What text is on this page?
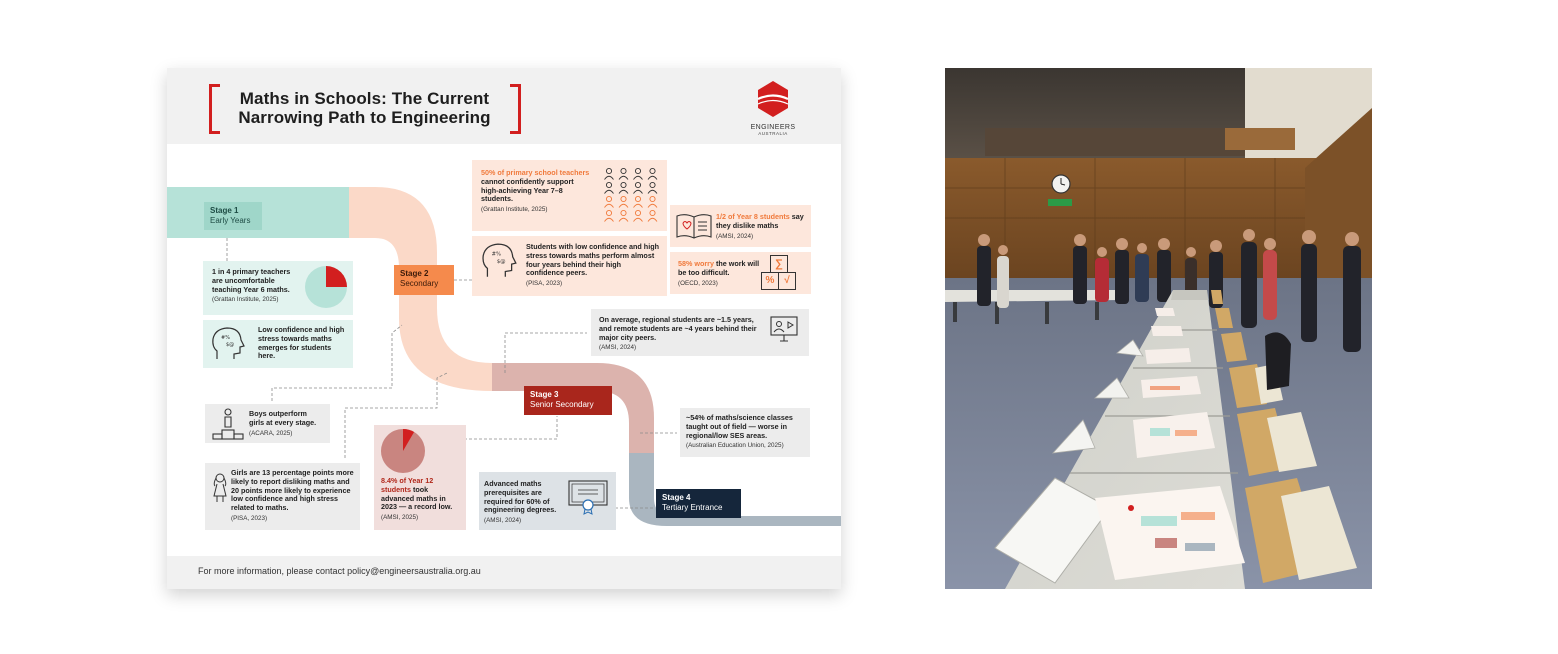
Maths in Schools: The Current Narrowing Path to Engineering
ENGINEERS
AUSTRALIA
Stage 1
Early Years
Stage 2
Secondary
Stage 3
Senior Secondary
Stage 4
Tertiary Entrance
1 in 4 primary teachers are uncomfortable teaching Year 6 maths.
(Grattan Institute, 2025)
Low confidence and high stress towards maths emerges for students here.
#%
$@
Boys outperform girls at every stage.
(ACARA, 2025)
Girls are 13 percentage points more likely to report disliking maths and 20 points more likely to experience low confidence and high stress related to maths.
(PISA, 2023)
50% of primary school teachers cannot confidently support high-achieving Year 7–8 students.
(Grattan Institute, 2025)
Students with low confidence and high stress towards maths perform almost four years behind their high confidence peers.
(PISA, 2023)
#%
$@
1/2 of Year 8 students say they dislike maths
(AMSI, 2024)
58% worry the work will be too difficult.
(OECD, 2023)
∑
% √
On average, regional students are ~1.5 years, and remote students are ~4 years behind their major city peers.
(AMSI, 2024)
8.4% of Year 12 students took advanced maths in 2023 — a record low.
(AMSI, 2025)
~54% of maths/science classes taught out of field — worse in regional/low SES areas.
(Australian Education Union, 2025)
Advanced maths prerequisites are required for 60% of engineering degrees.
(AMSI, 2024)
For more information, please contact policy@engineersaustralia.org.au
